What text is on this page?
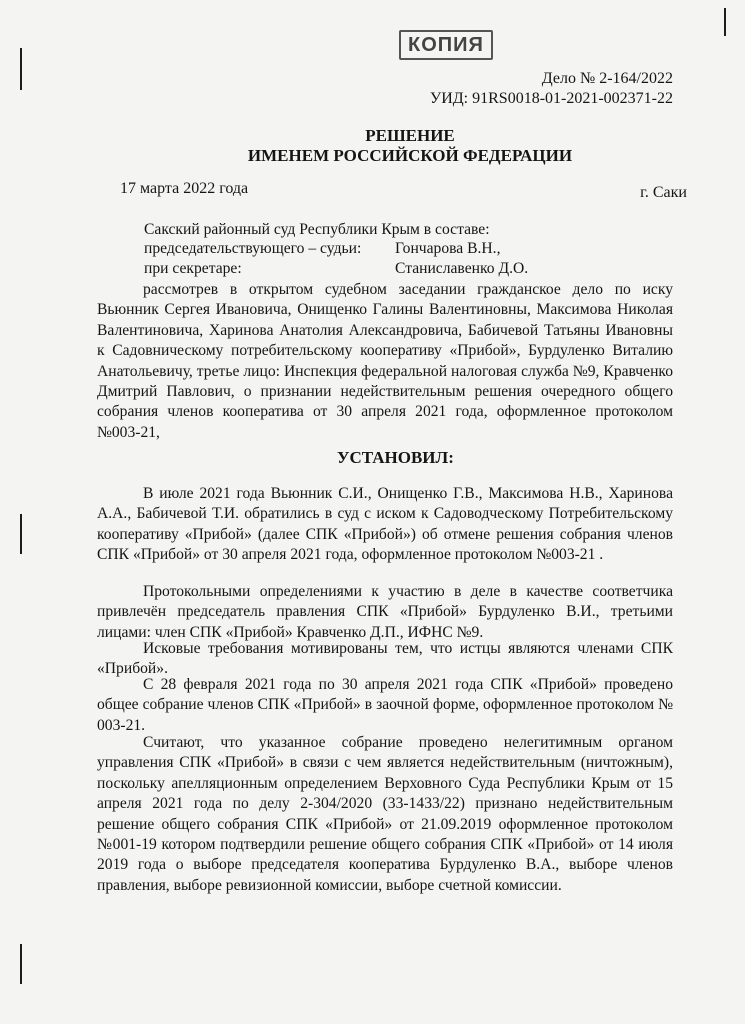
КОПИЯ
Дело № 2-164/2022
УИД: 91RS0018-01-2021-002371-22
РЕШЕНИЕ
ИМЕНЕМ РОССИЙСКОЙ ФЕДЕРАЦИИ
17 марта 2022 года	г. Саки
Сакский районный суд Республики Крым в составе:
председательствующего – судьи: Гончарова В.Н.,
при секретаре:	Станиславенко Д.О.
рассмотрев в открытом судебном заседании гражданское дело по иску Вьюнник Сергея Ивановича, Онищенко Галины Валентиновны, Максимова Николая Валентиновича, Харинова Анатолия Александровича, Бабичевой Татьяны Ивановны к Садовническому потребительскому кооперативу «Прибой», Бурдуленко Виталию Анатольевичу, третье лицо: Инспекция федеральной налоговая служба №9, Кравченко Дмитрий Павлович, о признании недействительным решения очередного общего собрания членов кооператива от 30 апреля 2021 года, оформленное протоколом №003-21,
УСТАНОВИЛ:
В июле 2021 года Вьюнник С.И., Онищенко Г.В., Максимова Н.В., Харинова А.А., Бабичевой Т.И. обратились в суд с иском к Садоводческому Потребительскому кооперативу «Прибой» (далее СПК «Прибой») об отмене решения собрания членов СПК «Прибой» от 30 апреля 2021 года, оформленное протоколом №003-21 .
Протокольными определениями к участию в деле в качестве соответчика привлечён председатель правления СПК «Прибой» Бурдуленко В.И., третьими лицами: член СПК «Прибой» Кравченко Д.П., ИФНС №9.
Исковые требования мотивированы тем, что истцы являются членами СПК «Прибой».
С 28 февраля 2021 года по 30 апреля 2021 года СПК «Прибой» проведено общее собрание членов СПК «Прибой» в заочной форме, оформленное протоколом № 003-21.
Считают, что указанное собрание проведено нелегитимным органом управления СПК «Прибой» в связи с чем является недействительным (ничтожным), поскольку апелляционным определением Верховного Суда Республики Крым от 15 апреля 2021 года по делу 2-304/2020 (33-1433/22) признано недействительным решение общего собрания СПК «Прибой» от 21.09.2019 оформленное протоколом №001-19 котором подтвердили решение общего собрания СПК «Прибой» от 14 июля 2019 года о выборе председателя кооператива Бурдуленко В.А., выборе членов правления, выборе ревизионной комиссии, выборе счетной комиссии.
